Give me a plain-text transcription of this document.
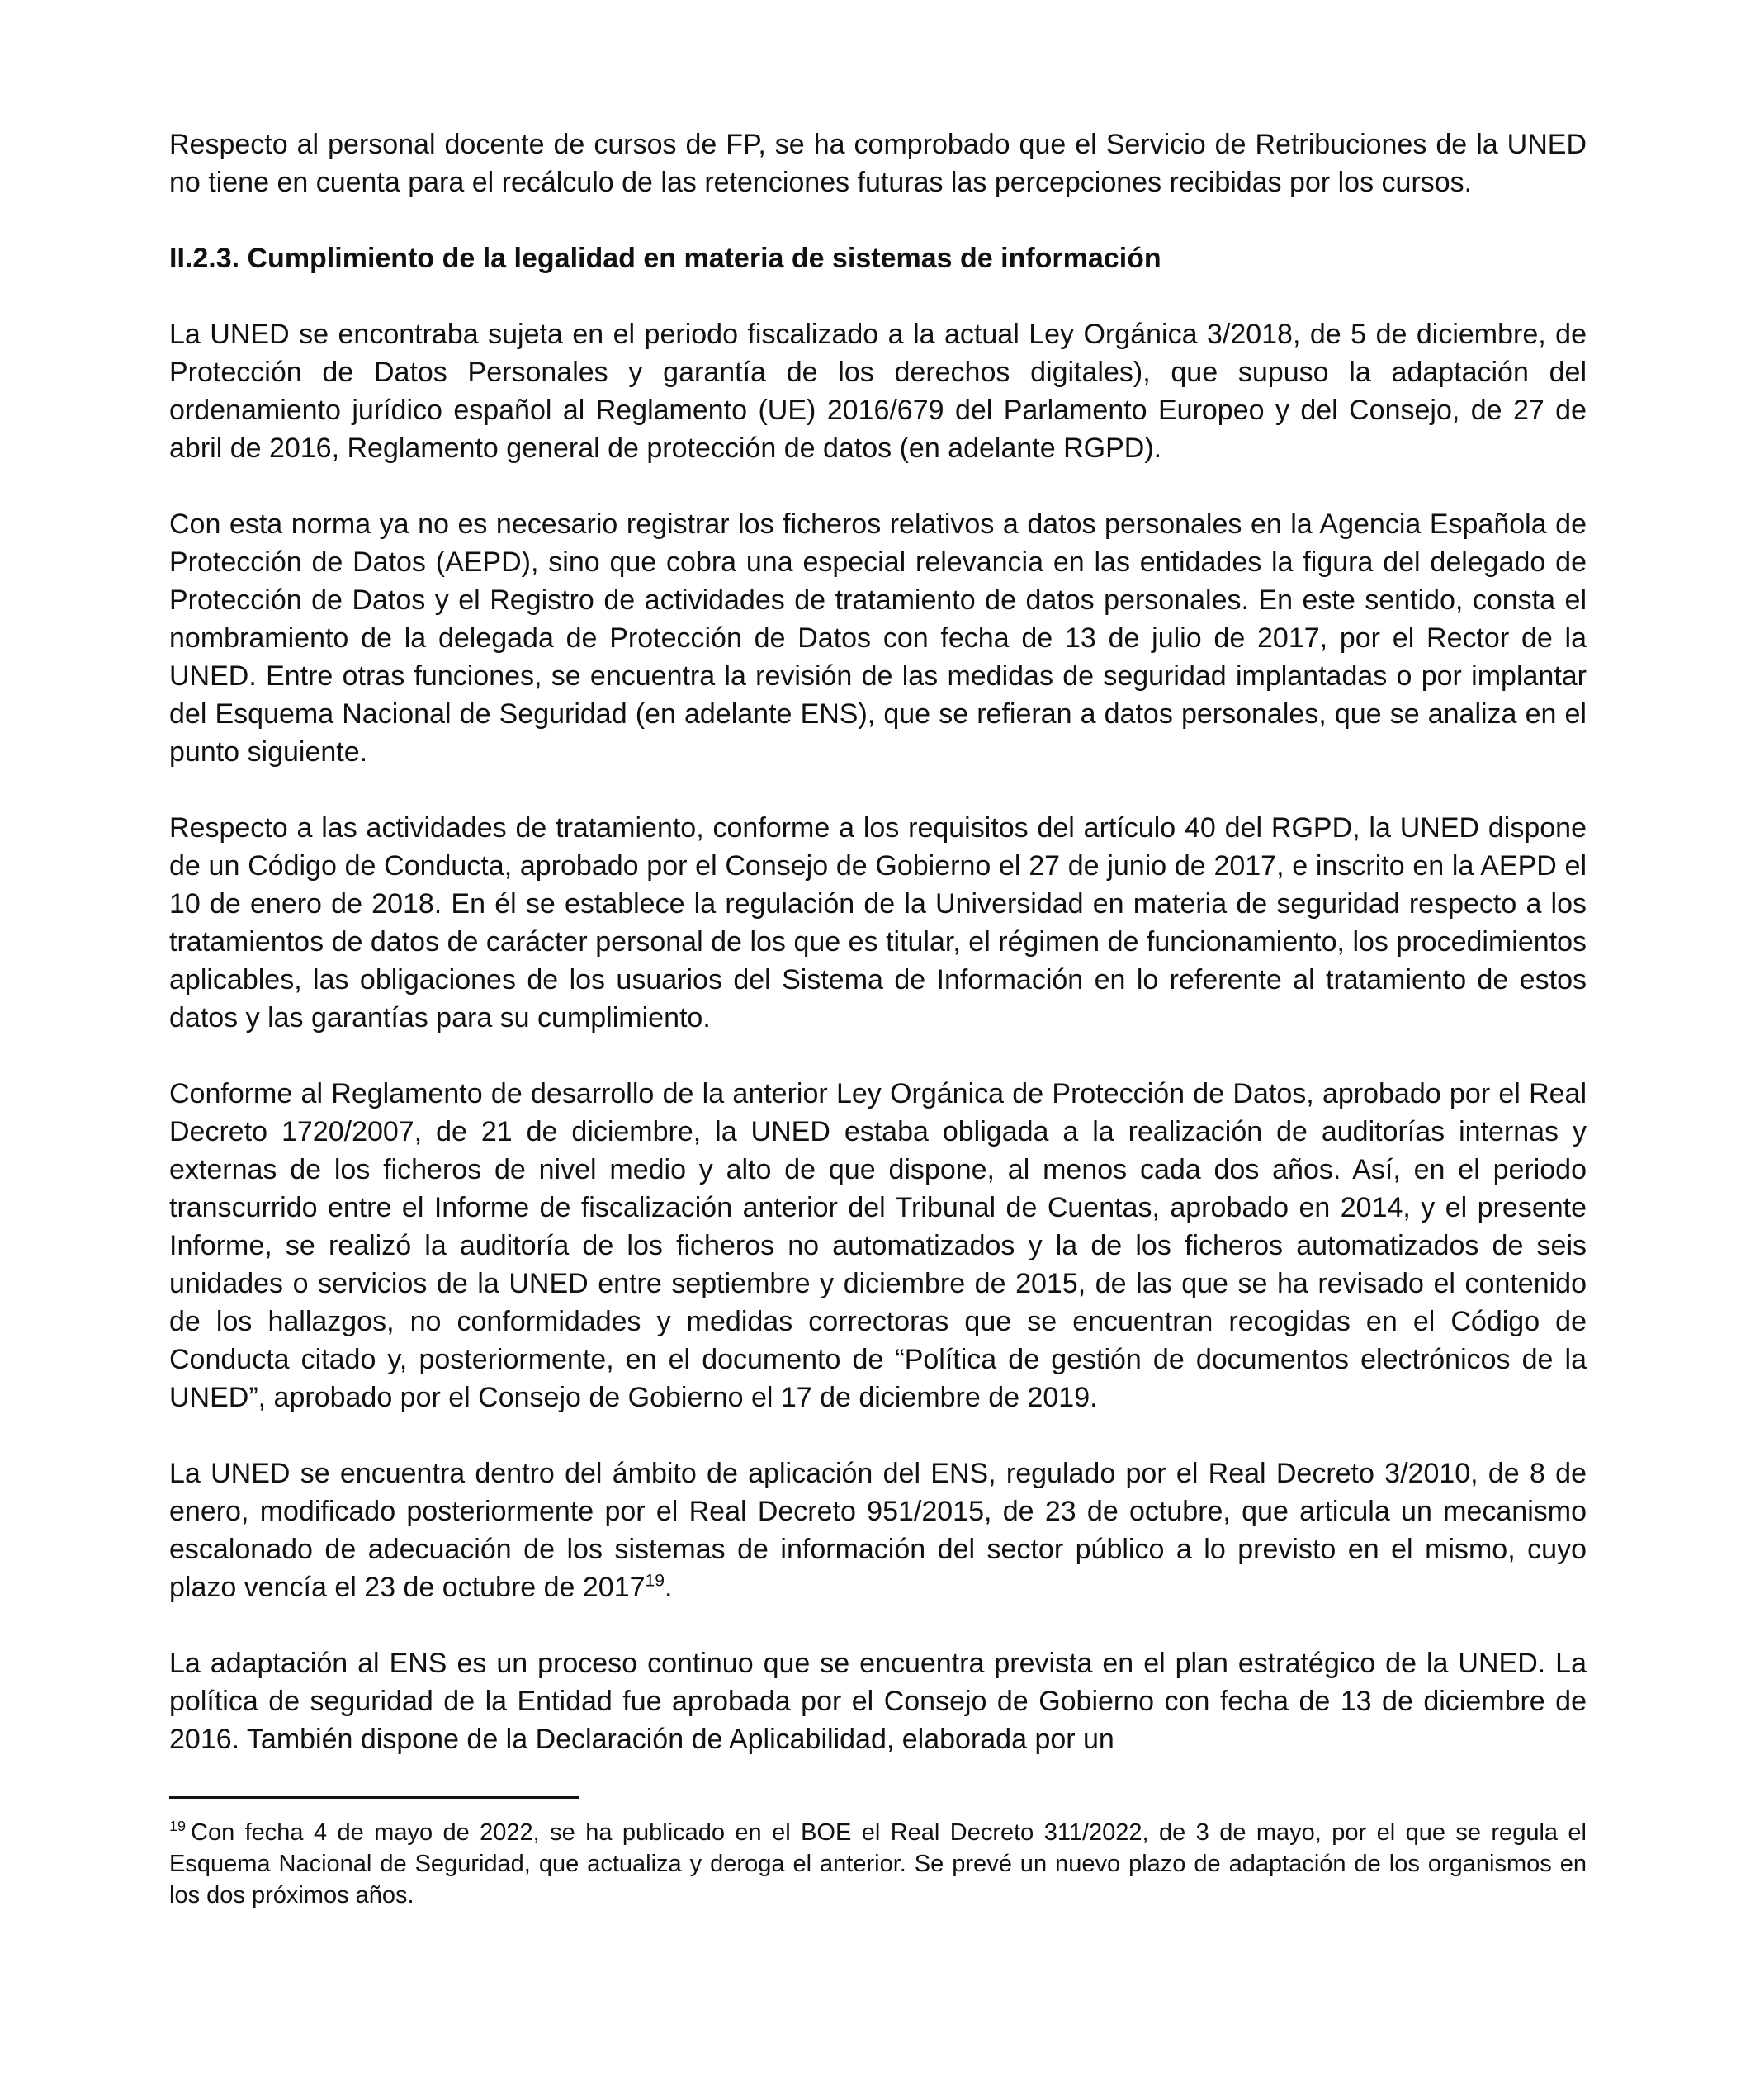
Respecto al personal docente de cursos de FP, se ha comprobado que el Servicio de Retribuciones de la UNED no tiene en cuenta para el recálculo de las retenciones futuras las percepciones recibidas por los cursos.

II.2.3. Cumplimiento de la legalidad en materia de sistemas de información

La UNED se encontraba sujeta en el periodo fiscalizado a la actual Ley Orgánica 3/2018, de 5 de diciembre, de Protección de Datos Personales y garantía de los derechos digitales), que supuso la adaptación del ordenamiento jurídico español al Reglamento (UE) 2016/679 del Parlamento Europeo y del Consejo, de 27 de abril de 2016, Reglamento general de protección de datos (en adelante RGPD).

Con esta norma ya no es necesario registrar los ficheros relativos a datos personales en la Agencia Española de Protección de Datos (AEPD), sino que cobra una especial relevancia en las entidades la figura del delegado de Protección de Datos y el Registro de actividades de tratamiento de datos personales. En este sentido, consta el nombramiento de la delegada de Protección de Datos con fecha de 13 de julio de 2017, por el Rector de la UNED. Entre otras funciones, se encuentra la revisión de las medidas de seguridad implantadas o por implantar del Esquema Nacional de Seguridad (en adelante ENS), que se refieran a datos personales, que se analiza en el punto siguiente.

Respecto a las actividades de tratamiento, conforme a los requisitos del artículo 40 del RGPD, la UNED dispone de un Código de Conducta, aprobado por el Consejo de Gobierno el 27 de junio de 2017, e inscrito en la AEPD el 10 de enero de 2018. En él se establece la regulación de la Universidad en materia de seguridad respecto a los tratamientos de datos de carácter personal de los que es titular, el régimen de funcionamiento, los procedimientos aplicables, las obligaciones de los usuarios del Sistema de Información en lo referente al tratamiento de estos datos y las garantías para su cumplimiento.

Conforme al Reglamento de desarrollo de la anterior Ley Orgánica de Protección de Datos, aprobado por el Real Decreto 1720/2007, de 21 de diciembre, la UNED estaba obligada a la realización de auditorías internas y externas de los ficheros de nivel medio y alto de que dispone, al menos cada dos años. Así, en el periodo transcurrido entre el Informe de fiscalización anterior del Tribunal de Cuentas, aprobado en 2014, y el presente Informe, se realizó la auditoría de los ficheros no automatizados y la de los ficheros automatizados de seis unidades o servicios de la UNED entre septiembre y diciembre de 2015, de las que se ha revisado el contenido de los hallazgos, no conformidades y medidas correctoras que se encuentran recogidas en el Código de Conducta citado y, posteriormente, en el documento de “Política de gestión de documentos electrónicos de la UNED”, aprobado por el Consejo de Gobierno el 17 de diciembre de 2019.

La UNED se encuentra dentro del ámbito de aplicación del ENS, regulado por el Real Decreto 3/2010, de 8 de enero, modificado posteriormente por el Real Decreto 951/2015, de 23 de octubre, que articula un mecanismo escalonado de adecuación de los sistemas de información del sector público a lo previsto en el mismo, cuyo plazo vencía el 23 de octubre de 2017$^{19}$.

La adaptación al ENS es un proceso continuo que se encuentra prevista en el plan estratégico de la UNED. La política de seguridad de la Entidad fue aprobada por el Consejo de Gobierno con fecha de 13 de diciembre de 2016. También dispone de la Declaración de Aplicabilidad, elaborada por un

$^{19}$ Con fecha 4 de mayo de 2022, se ha publicado en el BOE el Real Decreto 311/2022, de 3 de mayo, por el que se regula el Esquema Nacional de Seguridad, que actualiza y deroga el anterior. Se prevé un nuevo plazo de adaptación de los organismos en los dos próximos años.
